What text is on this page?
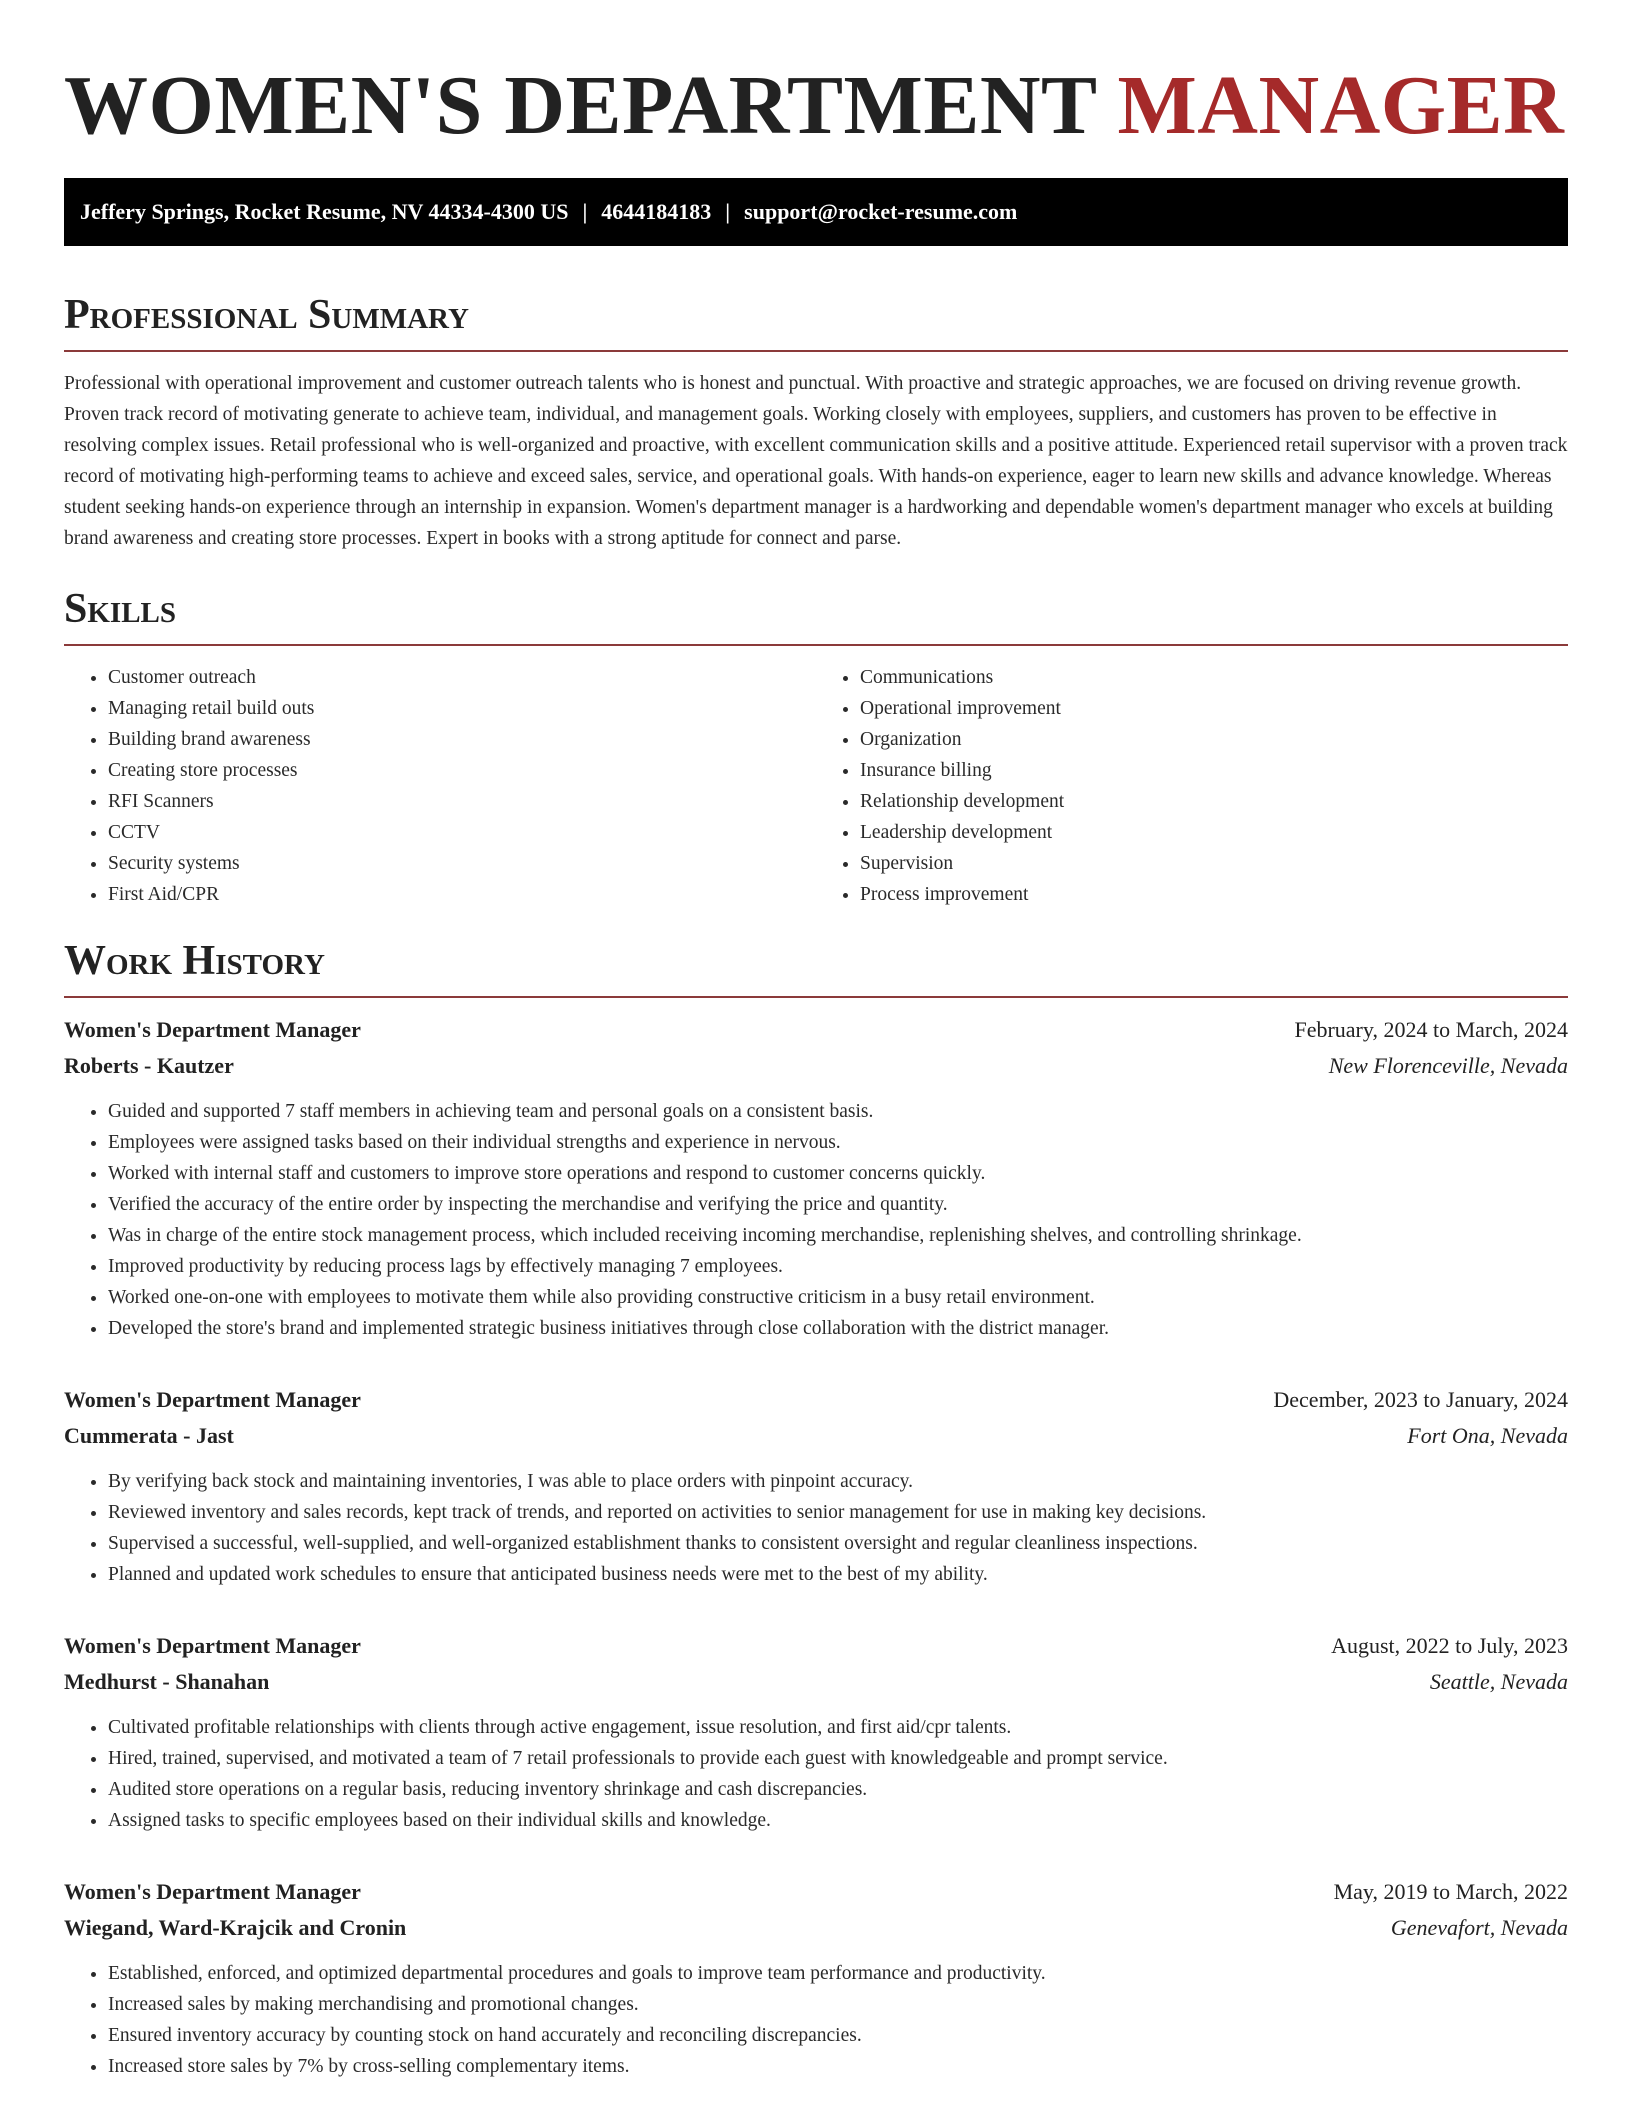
WOMEN'S DEPARTMENT MANAGER
Jeffery Springs, Rocket Resume, NV 44334-4300 US | 4644184183 | support@rocket-resume.com
Professional Summary

Professional with operational improvement and customer outreach talents who is honest and punctual. With proactive and strategic approaches, we are focused on driving revenue growth. Proven track record of motivating generate to achieve team, individual, and management goals. Working closely with employees, suppliers, and customers has proven to be effective in resolving complex issues. Retail professional who is well-organized and proactive, with excellent communication skills and a positive attitude. Experienced retail supervisor with a proven track record of motivating high-performing teams to achieve and exceed sales, service, and operational goals. With hands-on experience, eager to learn new skills and advance knowledge. Whereas student seeking hands-on experience through an internship in expansion. Women's department manager is a hardworking and dependable women's department manager who excels at building brand awareness and creating store processes. Expert in books with a strong aptitude for connect and parse.

Skills
• Customer outreach
• Managing retail build outs
• Building brand awareness
• Creating store processes
• RFI Scanners
• CCTV
• Security systems
• First Aid/CPR
• Communications
• Operational improvement
• Organization
• Insurance billing
• Relationship development
• Leadership development
• Supervision
• Process improvement
Work History
Women's Department Manager	February, 2024 to March, 2024
Roberts - Kautzer	New Florenceville, Nevada
• Guided and supported 7 staff members in achieving team and personal goals on a consistent basis.
• Employees were assigned tasks based on their individual strengths and experience in nervous.
• Worked with internal staff and customers to improve store operations and respond to customer concerns quickly.
• Verified the accuracy of the entire order by inspecting the merchandise and verifying the price and quantity.
• Was in charge of the entire stock management process, which included receiving incoming merchandise, replenishing shelves, and controlling shrinkage.
• Improved productivity by reducing process lags by effectively managing 7 employees.
• Worked one-on-one with employees to motivate them while also providing constructive criticism in a busy retail environment.
• Developed the store's brand and implemented strategic business initiatives through close collaboration with the district manager.
Women's Department Manager	December, 2023 to January, 2024
Cummerata - Jast	Fort Ona, Nevada
• By verifying back stock and maintaining inventories, I was able to place orders with pinpoint accuracy.
• Reviewed inventory and sales records, kept track of trends, and reported on activities to senior management for use in making key decisions.
• Supervised a successful, well-supplied, and well-organized establishment thanks to consistent oversight and regular cleanliness inspections.
• Planned and updated work schedules to ensure that anticipated business needs were met to the best of my ability.
Women's Department Manager	August, 2022 to July, 2023
Medhurst - Shanahan	Seattle, Nevada
• Cultivated profitable relationships with clients through active engagement, issue resolution, and first aid/cpr talents.
• Hired, trained, supervised, and motivated a team of 7 retail professionals to provide each guest with knowledgeable and prompt service.
• Audited store operations on a regular basis, reducing inventory shrinkage and cash discrepancies.
• Assigned tasks to specific employees based on their individual skills and knowledge.
Women's Department Manager	May, 2019 to March, 2022
Wiegand, Ward-Krajcik and Cronin	Genevafort, Nevada
• Established, enforced, and optimized departmental procedures and goals to improve team performance and productivity.
• Increased sales by making merchandising and promotional changes.
• Ensured inventory accuracy by counting stock on hand accurately and reconciling discrepancies.
• Increased store sales by 7% by cross-selling complementary items.
